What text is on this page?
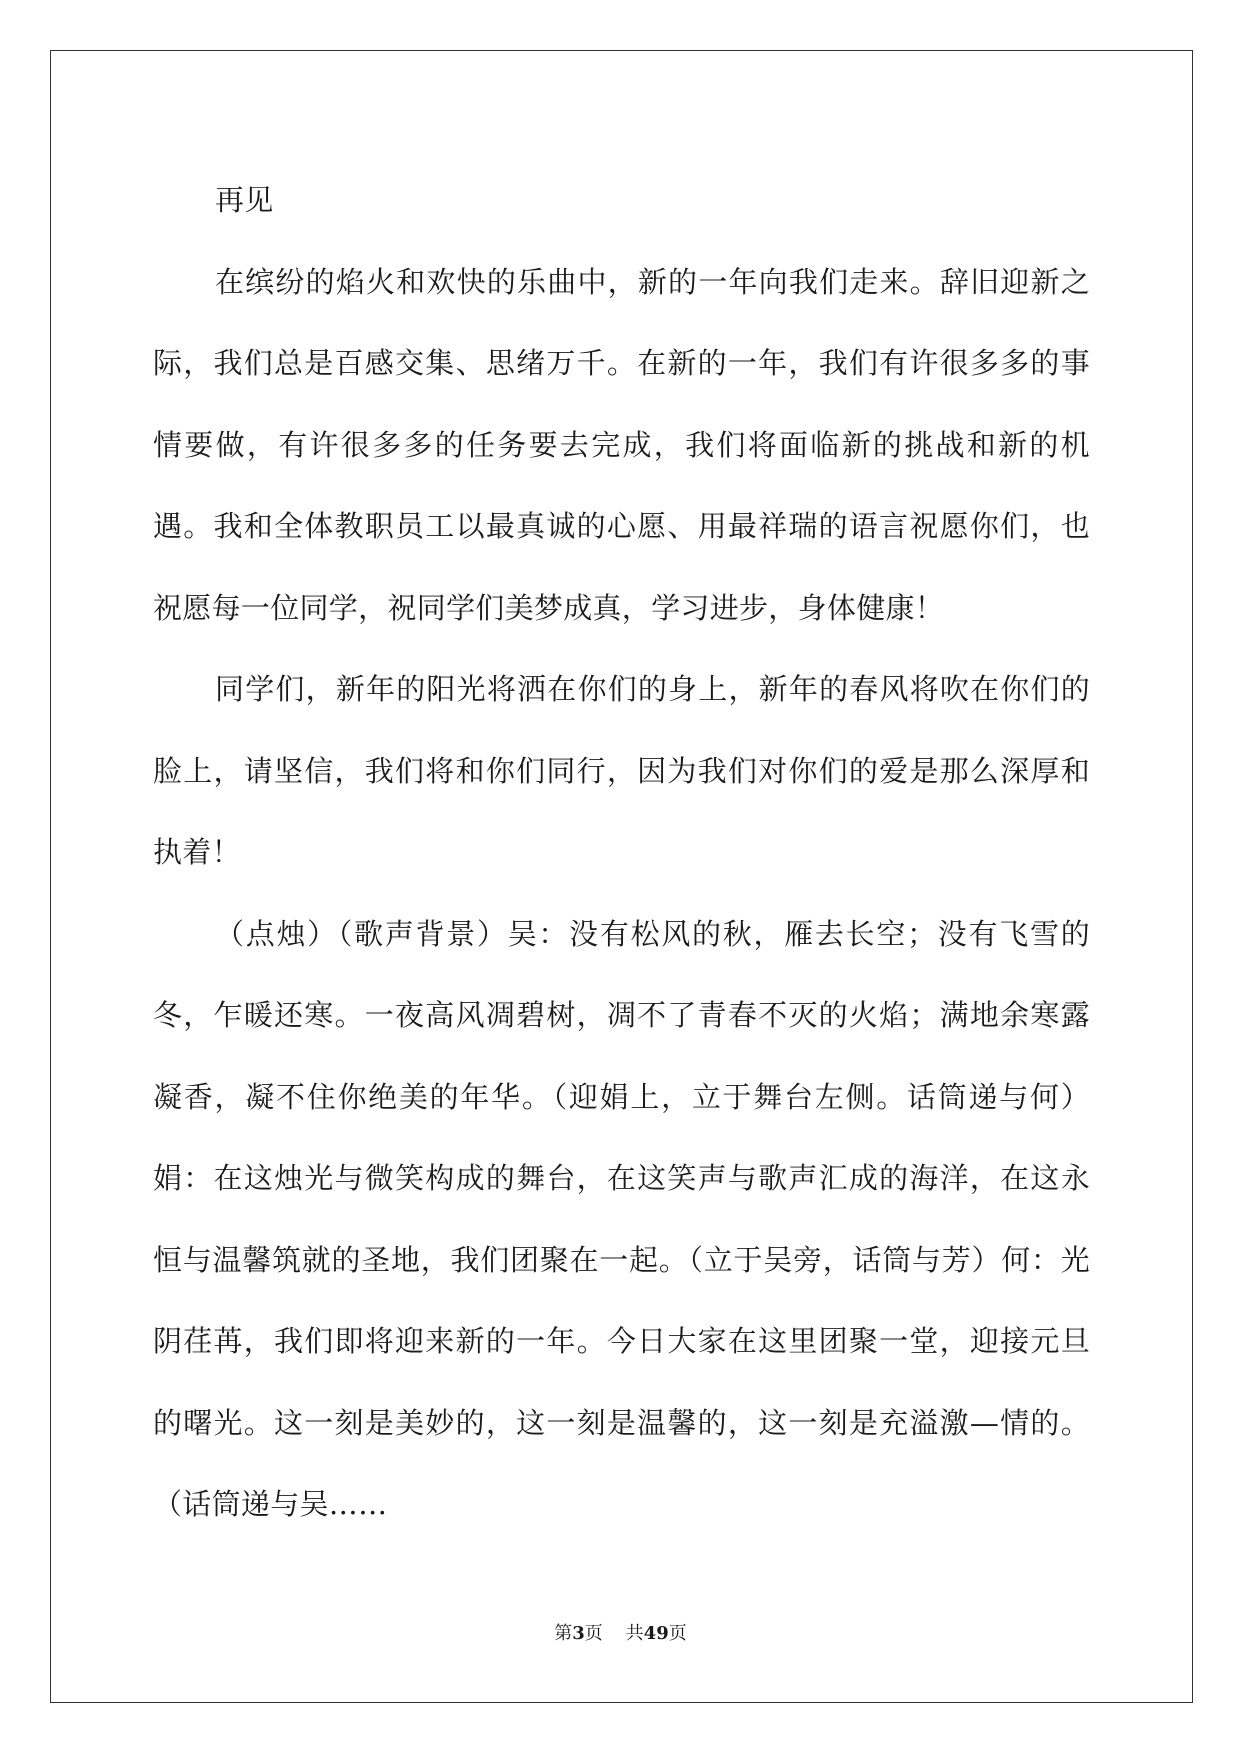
再见

在缤纷的焰火和欢快的乐曲中，新的一年向我们走来。辞旧迎新之际，我们总是百感交集、思绪万千。在新的一年，我们有许很多多的事情要做，有许很多多的任务要去完成，我们将面临新的挑战和新的机遇。我和全体教职员工以最真诚的心愿、用最祥瑞的语言祝愿你们，也祝愿每一位同学，祝同学们美梦成真，学习进步，身体健康！

同学们，新年的阳光将洒在你们的身上，新年的春风将吹在你们的脸上，请坚信，我们将和你们同行，因为我们对你们的爱是那么深厚和执着！

（点烛）（歌声背景）吴：没有松风的秋，雁去长空；没有飞雪的冬，乍暖还寒。一夜高风凋碧树，凋不了青春不灭的火焰；满地余寒露凝香，凝不住你绝美的年华。（迎娟上，立于舞台左侧。话筒递与何）娟：在这烛光与微笑构成的舞台，在这笑声与歌声汇成的海洋，在这永恒与温馨筑就的圣地，我们团聚在一起。（立于吴旁，话筒与芳）何：光阴荏苒，我们即将迎来新的一年。今日大家在这里团聚一堂，迎接元旦的曙光。这一刻是美妙的，这一刻是温馨的，这一刻是充溢激—情的。（话筒递与吴……

第3页 共49页
